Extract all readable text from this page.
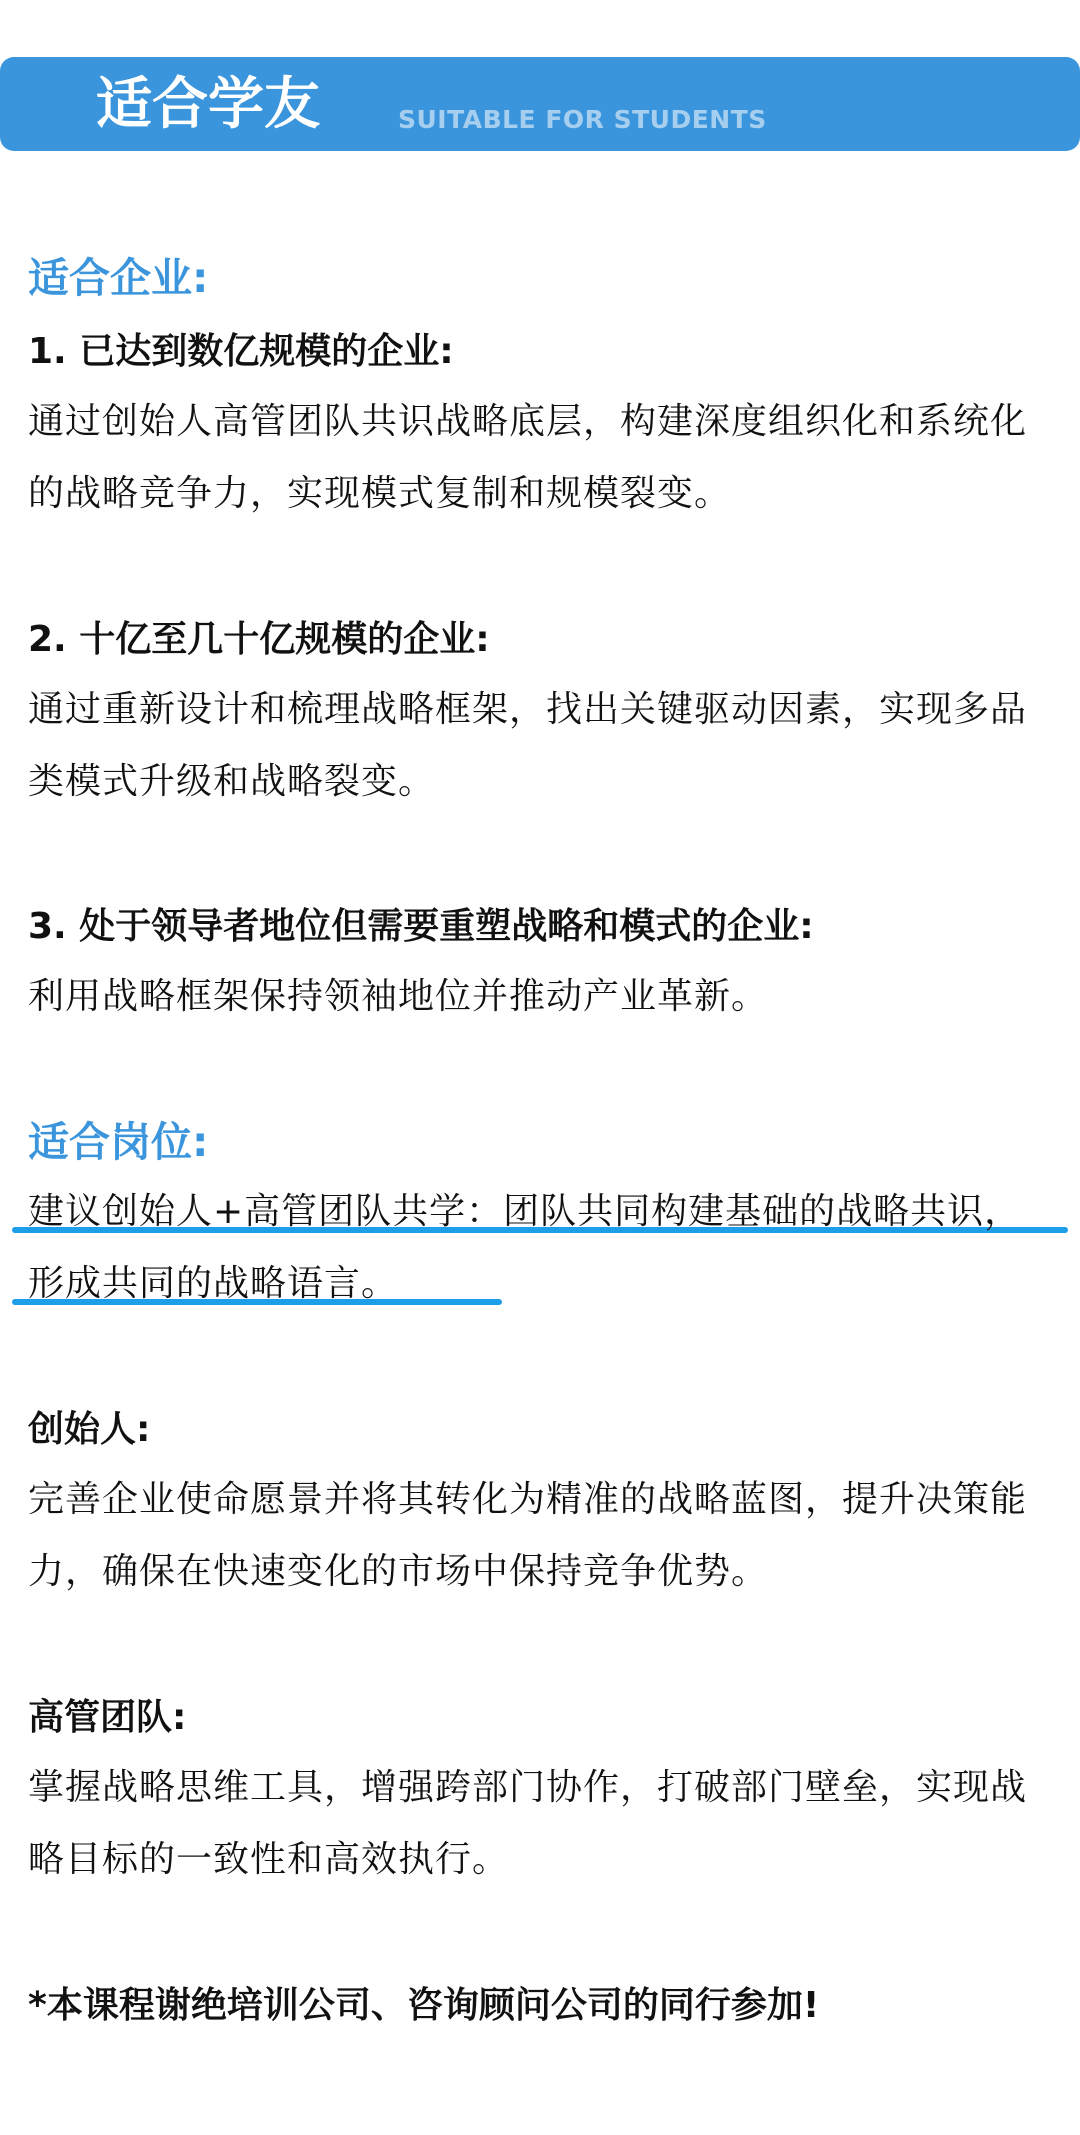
适合学友	SUITABLE FOR STUDENTS
适合企业:
1. 已达到数亿规模的企业:
通过创始人高管团队共识战略底层，构建深度组织化和系统化的战略竞争力，实现模式复制和规模裂变。
2. 十亿至几十亿规模的企业:
通过重新设计和梳理战略框架，找出关键驱动因素，实现多品类模式升级和战略裂变。
3. 处于领导者地位但需要重塑战略和模式的企业:
利用战略框架保持领袖地位并推动产业革新。
适合岗位:
建议创始人+高管团队共学：团队共同构建基础的战略共识，形成共同的战略语言。
创始人:
完善企业使命愿景并将其转化为精准的战略蓝图，提升决策能力，确保在快速变化的市场中保持竞争优势。
高管团队:
掌握战略思维工具，增强跨部门协作，打破部门壁垒，实现战略目标的一致性和高效执行。
*本课程谢绝培训公司、咨询顾问公司的同行参加!
